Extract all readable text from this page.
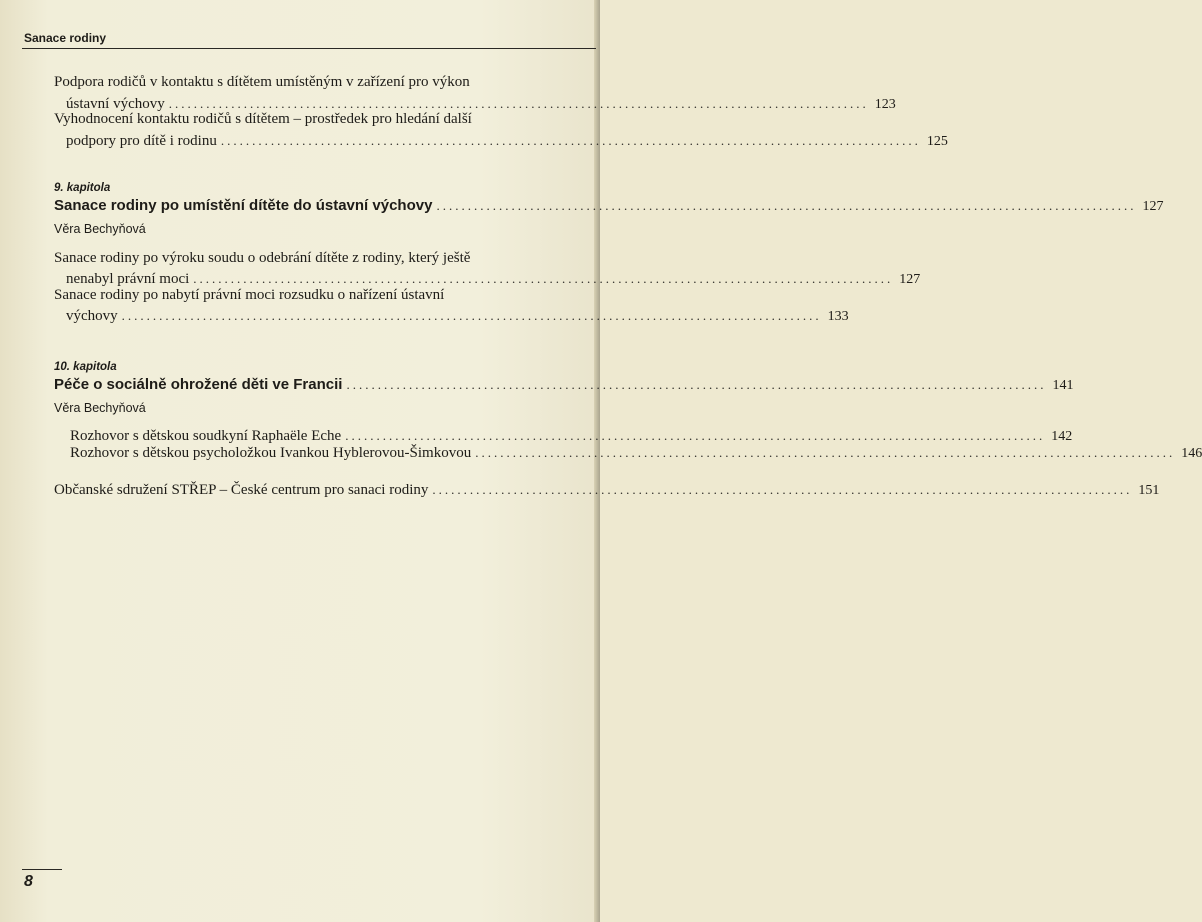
Sanace rodiny
Podpora rodičů v kontaktu s dítětem umístěným v zařízení pro výkon
ústavní výchovy ................................................................................................................ 123
Vyhodnocení kontaktu rodičů s dítětem – prostředek pro hledání další
podpory pro dítě i rodinu ................................................................................................................ 125
9. kapitola
Sanace rodiny po umístění dítěte do ústavní výchovy ................................................................................................................ 127
Věra Bechyňová
Sanace rodiny po výroku soudu o odebrání dítěte z rodiny, který ještě
nenabyl právní moci ................................................................................................................ 127
Sanace rodiny po nabytí právní moci rozsudku o nařízení ústavní
výchovy ................................................................................................................ 133
10. kapitola
Péče o sociálně ohrožené děti ve Francii ................................................................................................................ 141
Věra Bechyňová
Rozhovor s dětskou soudkyní Raphaële Eche ................................................................................................................ 142
Rozhovor s dětskou psycholožkou Ivankou Hyblerovou-Šimkovou ................................................................................................................ 146
Občanské sdružení STŘEP – České centrum pro sanaci rodiny ................................................................................................................ 151
8
